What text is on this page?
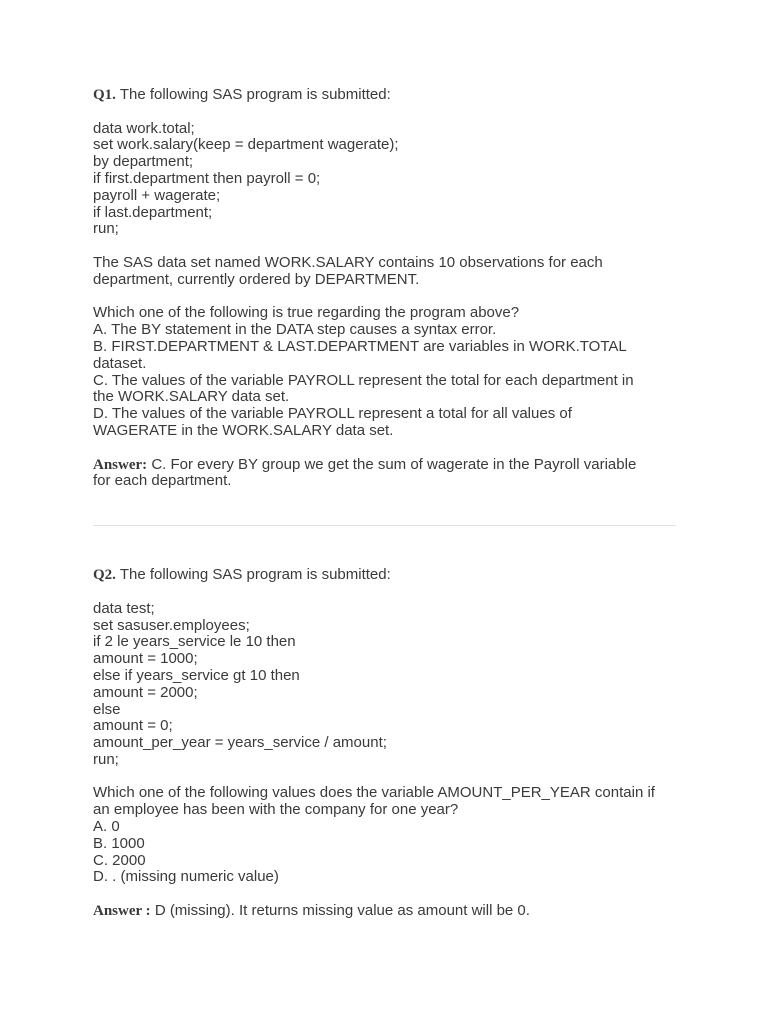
Q1. The following SAS program is submitted:
data work.total;
set work.salary(keep = department wagerate);
by department;
if first.department then payroll = 0;
payroll + wagerate;
if last.department;
run;
The SAS data set named WORK.SALARY contains 10 observations for each
department, currently ordered by DEPARTMENT.
Which one of the following is true regarding the program above?
A. The BY statement in the DATA step causes a syntax error.
B. FIRST.DEPARTMENT & LAST.DEPARTMENT are variables in WORK.TOTAL
dataset.
C. The values of the variable PAYROLL represent the total for each department in
the WORK.SALARY data set.
D. The values of the variable PAYROLL represent a total for all values of
WAGERATE in the WORK.SALARY data set.
Answer: C. For every BY group we get the sum of wagerate in the Payroll variable
for each department.
Q2. The following SAS program is submitted:
data test;
set sasuser.employees;
if 2 le years_service le 10 then
amount = 1000;
else if years_service gt 10 then
amount = 2000;
else
amount = 0;
amount_per_year = years_service / amount;
run;
Which one of the following values does the variable AMOUNT_PER_YEAR contain if
an employee has been with the company for one year?
A. 0
B. 1000
C. 2000
D. . (missing numeric value)
Answer : D (missing). It returns missing value as amount will be 0.
